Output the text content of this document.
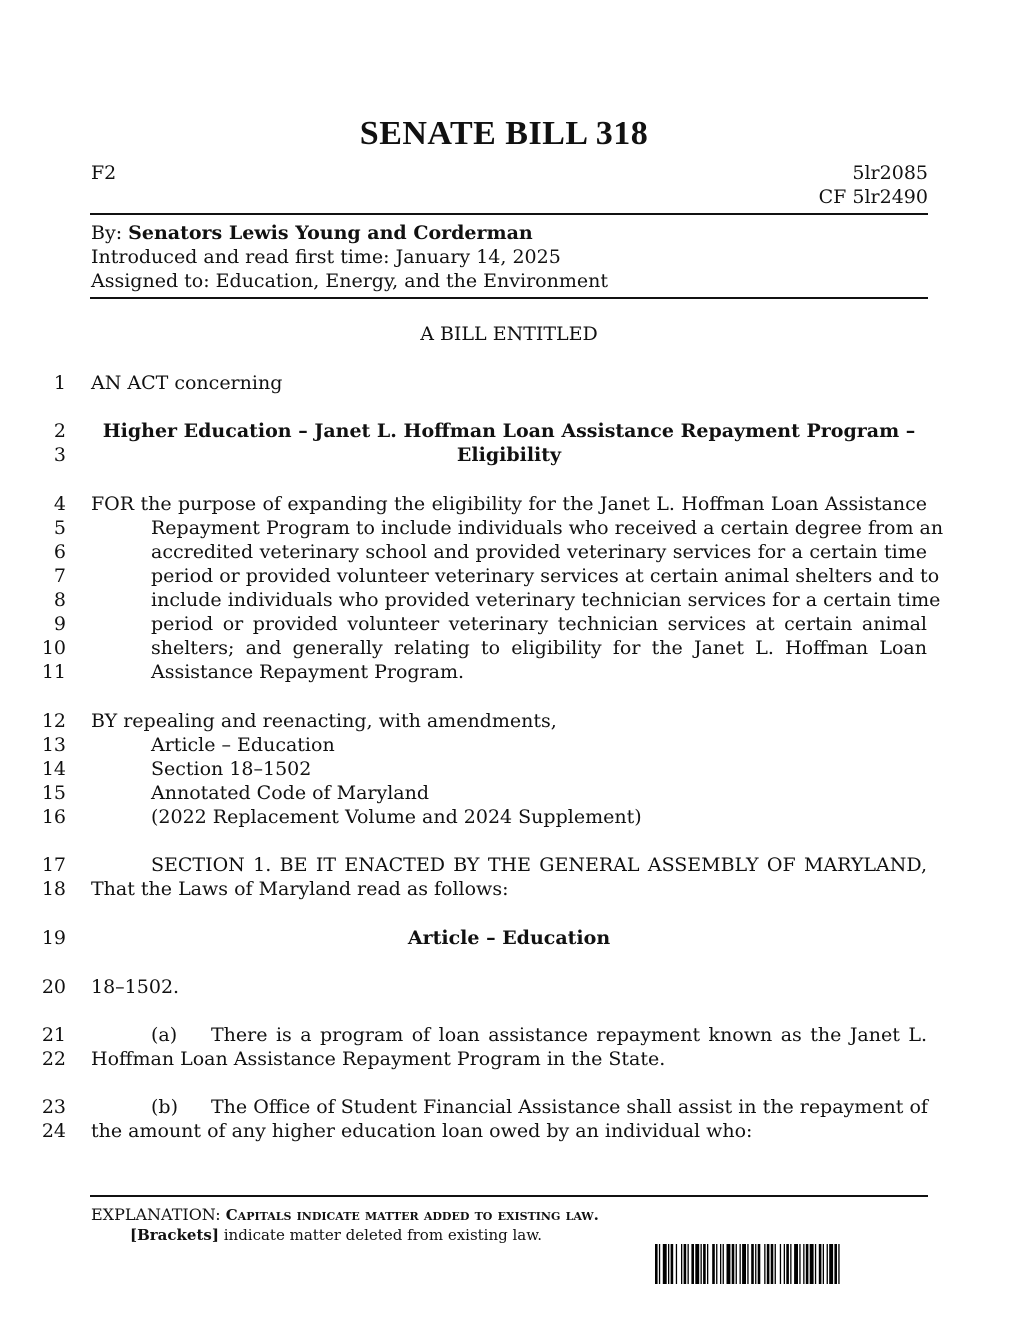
SENATE BILL 318
F2	5lr2085
CF 5lr2490
By: Senators Lewis Young and Corderman
Introduced and read first time: January 14, 2025
Assigned to: Education, Energy, and the Environment
A BILL ENTITLED
1
2
3
4
5
6
7
8
9
10
11
12
13
14
15
16
17
18
19
20
21
22
23
24
AN ACT concerning
Higher Education – Janet L. Hoffman Loan Assistance Repayment Program –
Eligibility
FOR the purpose of expanding the eligibility for the Janet L. Hoffman Loan Assistance
Repayment Program to include individuals who received a certain degree from an
accredited veterinary school and provided veterinary services for a certain time
period or provided volunteer veterinary services at certain animal shelters and to
include individuals who provided veterinary technician services for a certain time
period or provided volunteer veterinary technician services at certain animal
shelters; and generally relating to eligibility for the Janet L. Hoffman Loan
Assistance Repayment Program.
BY repealing and reenacting, with amendments,
Article – Education
Section 18–1502
Annotated Code of Maryland
(2022 Replacement Volume and 2024 Supplement)
SECTION 1. BE IT ENACTED BY THE GENERAL ASSEMBLY OF MARYLAND,
That the Laws of Maryland read as follows:
Article – Education
18–1502.
(a) There is a program of loan assistance repayment known as the Janet L.
Hoffman Loan Assistance Repayment Program in the State.
(b) The Office of Student Financial Assistance shall assist in the repayment of
the amount of any higher education loan owed by an individual who:
EXPLANATION: Capitals indicate matter added to existing law.
[Brackets] indicate matter deleted from existing law.
